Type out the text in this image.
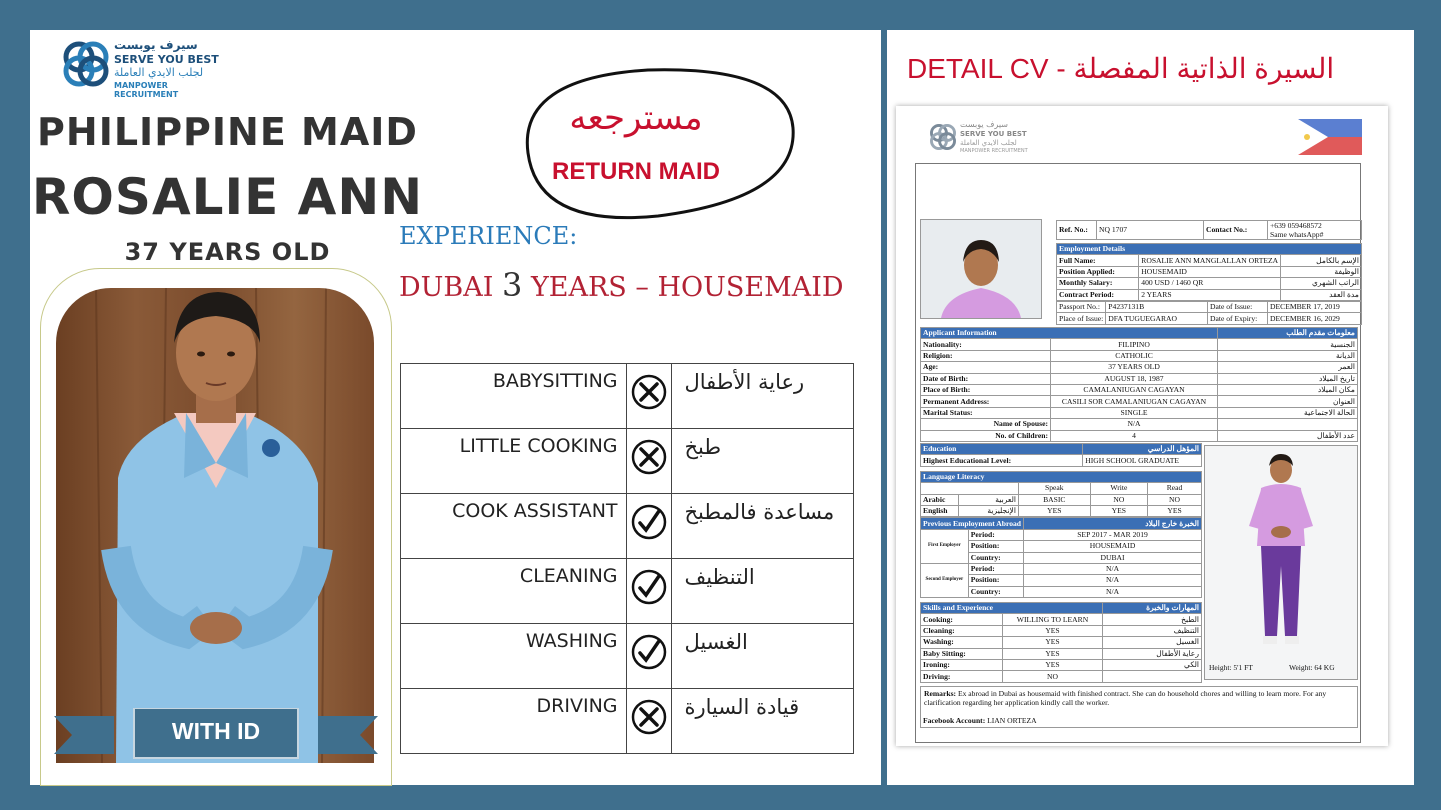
سيرف يوبست
SERVE YOU BEST
لجلب الايدي العاملة
MANPOWER RECRUITMENT
PHILIPPINE MAID
ROSALIE ANN
37 YEARS OLD
WITH ID
مسترجعه
RETURN MAID
EXPERIENCE:
DUBAI 3 YEARS – HOUSEMAID
BABYSITTING		رعاية الأطفال
LITTLE COOKING		طبخ
COOK ASSISTANT		مساعدة فالمطبخ
CLEANING		التنظيف
WASHING		الغسيل
DRIVING		قيادة السيارة
DETAIL CV - السيرة الذاتية المفصلة
سيرف يوبست
SERVE YOU BEST
لجلب الايدي العاملة
MANPOWER RECRUITMENT
Ref. No.:	NQ 1707	Contact No.:	+639 059468572
Same whatsApp#
Employment Details		
Full Name:	ROSALIE ANN MANGLALLAN ORTEZA	الإسم بالكامل
Position Applied:	HOUSEMAID	الوظيفة
Monthly Salary:	400 USD / 1460 QR	الراتب الشهري
Contract Period:	2 YEARS	مدة العقد
Passport No.:	P4237131B	Date of Issue:	DECEMBER 17, 2019
Place of Issue:	DFA TUGUEGARAO	Date of Expiry:	DECEMBER 16, 2029
Applicant Information		معلومات مقدم الطلب
Nationality:	FILIPINO	الجنسية
Religion:	CATHOLIC	الديانة
Age:	37 YEARS OLD	العمر
Date of Birth:	AUGUST 18, 1987	تاريخ الميلاد
Place of Birth:	CAMALANIUGAN CAGAYAN	مكان الميلاد
Permanent Address:	CASILI SOR CAMALANIUGAN CAGAYAN	العنوان
Marital Status:	SINGLE	الحالة الاجتماعية
Name of Spouse:	N/A	
No. of Children:	4	عدد الأطفال
Education	المؤهل الدراسي
Highest Educational Level:	HIGH SCHOOL GRADUATE
Language Literacy				
		Speak	Write	Read
Arabic	العربية	BASIC	NO	NO
English	الإنجليزية	YES	YES	YES
Previous Employment Abroad		الخبرة خارج البلاد
First Employer	Period:	SEP 2017 - MAR 2019
	Position:	HOUSEMAID
	Country:	DUBAI
Second Employer	Period:	N/A
	Position:	N/A
	Country:	N/A
Skills and Experience		المهارات والخبرة
Cooking:	WILLING TO LEARN	الطبخ
Cleaning:	YES	التنظيف
Washing:	YES	الغسيل
Baby Sitting:	YES	رعاية الأطفال
Ironing:	YES	الكي
Driving:	NO	
Height: 5'1 FT	Weight: 64 KG
Remarks: Ex abroad in Dubai as housemaid with finished contract. She can do household chores and willing to learn more. For any clarification regarding her application kindly call the worker.
Facebook Account: LIAN ORTEZA
